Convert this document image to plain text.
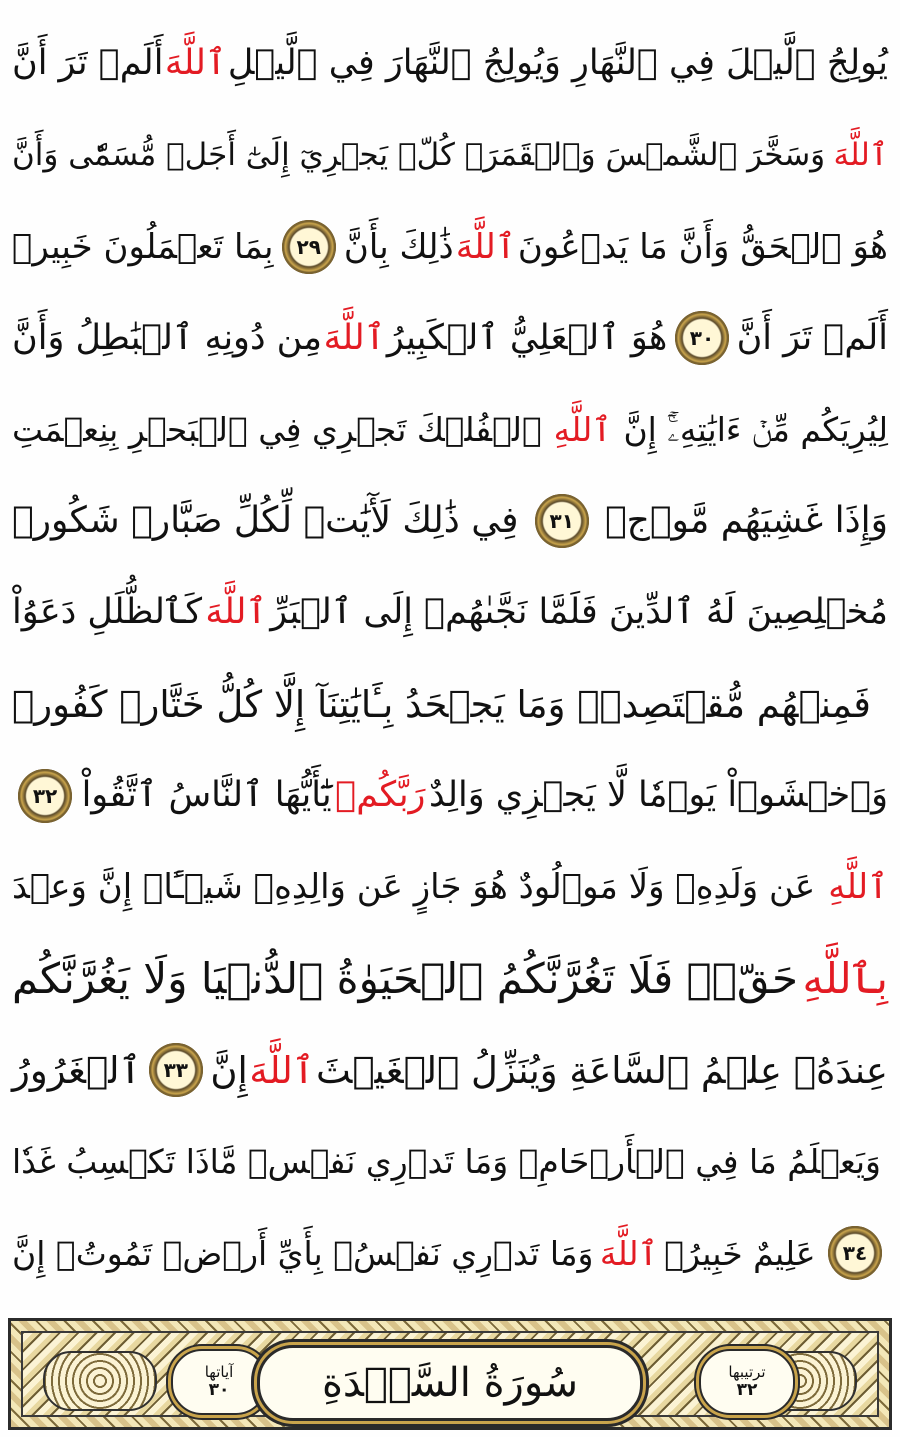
أَلَمۡ تَرَ أَنَّ ٱللَّهَ يُولِجُ ٱلَّيۡلَ فِي ٱلنَّهَارِ وَيُولِجُ ٱلنَّهَارَ فِي ٱلَّيۡلِ
وَسَخَّرَ ٱلشَّمۡسَ وَٱلۡقَمَرَۖ كُلّٞ يَجۡرِيٓ إِلَىٰٓ أَجَلٖ مُّسَمّٗى وَأَنَّ ٱللَّهَ
بِمَا تَعۡمَلُونَ خَبِيرٞ ٢٩ ذَٰلِكَ بِأَنَّ ٱللَّهَ هُوَ ٱلۡحَقُّ وَأَنَّ مَا يَدۡعُونَ
مِن دُونِهِ ٱلۡبَٰطِلُ وَأَنَّ ٱللَّهَ هُوَ ٱلۡعَلِيُّ ٱلۡكَبِيرُ ٣٠ أَلَمۡ تَرَ أَنَّ
ٱلۡفُلۡكَ تَجۡرِي فِي ٱلۡبَحۡرِ بِنِعۡمَتِ ٱللَّهِ لِيُرِيَكُم مِّنۡ ءَايَٰتِهِۦٓۚ إِنَّ
فِي ذَٰلِكَ لَأٓيَٰتٖ لِّكُلِّ صَبَّارٖ شَكُورٖ ٣١ وَإِذَا غَشِيَهُم مَّوۡجٞ
كَٱلظُّلَلِ دَعَوُاْ ٱللَّهَ مُخۡلِصِينَ لَهُ ٱلدِّينَ فَلَمَّا نَجَّىٰهُمۡ إِلَى ٱلۡبَرِّ
فَمِنۡهُم مُّقۡتَصِدٞۚ وَمَا يَجۡحَدُ بِـَٔايَٰتِنَآ إِلَّا كُلُّ خَتَّارٖ كَفُورٖ
٣٢ يَٰٓأَيُّهَا ٱلنَّاسُ ٱتَّقُواْ رَبَّكُمۡ وَٱخۡشَوۡاْ يَوۡمٗا لَّا يَجۡزِي وَالِدٌ
عَن وَلَدِهِۦ وَلَا مَوۡلُودٌ هُوَ جَازٍ عَن وَالِدِهِۦ شَيۡـًٔاۚ إِنَّ وَعۡدَ ٱللَّهِ
حَقّٞۖ فَلَا تَغُرَّنَّكُمُ ٱلۡحَيَوٰةُ ٱلدُّنۡيَا وَلَا يَغُرَّنَّكُم بِٱللَّهِ
ٱلۡغَرُورُ ٣٣ إِنَّ ٱللَّهَ عِندَهُۥ عِلۡمُ ٱلسَّاعَةِ وَيُنَزِّلُ ٱلۡغَيۡثَ
وَيَعۡلَمُ مَا فِي ٱلۡأَرۡحَامِۖ وَمَا تَدۡرِي نَفۡسٞ مَّاذَا تَكۡسِبُ غَدٗا
وَمَا تَدۡرِي نَفۡسُۢ بِأَيِّ أَرۡضٖ تَمُوتُۚ إِنَّ ٱللَّهَ عَلِيمٌ خَبِيرُۢ ٣٤
آياتها
٣٠ سُورَةُ السَّجۡدَةِ	ترتيبها
٣٢
